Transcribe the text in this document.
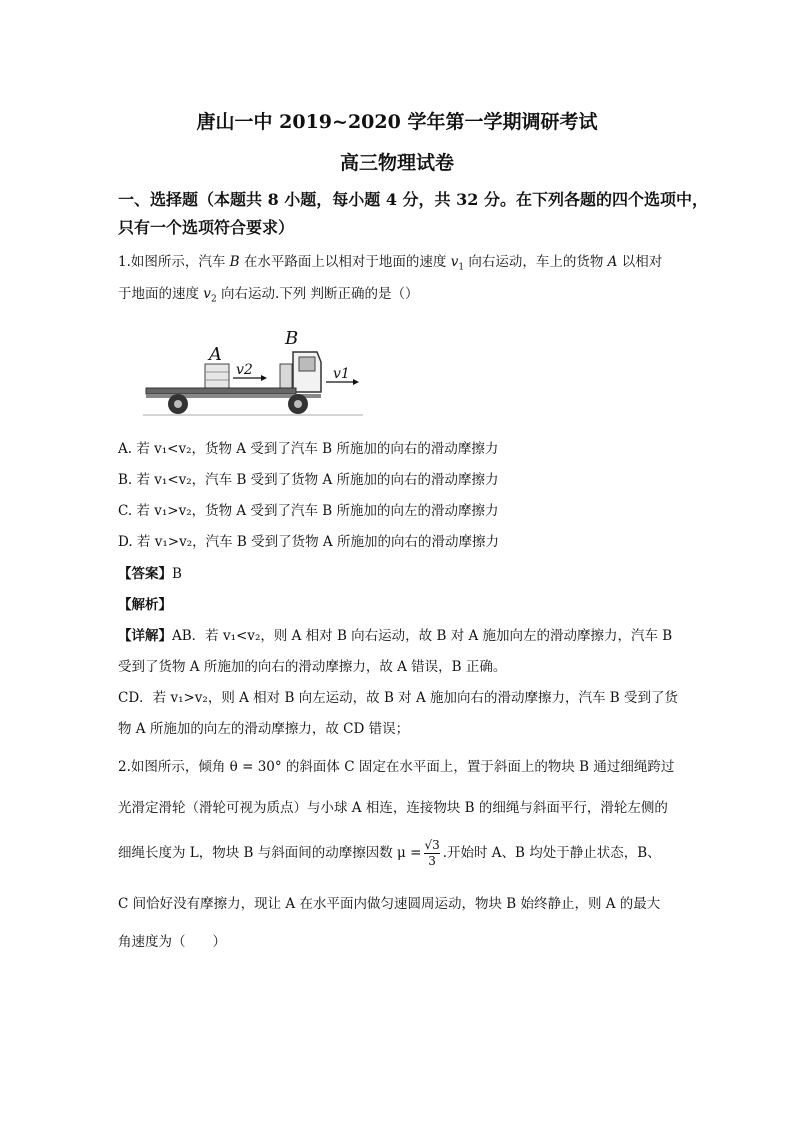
唐山一中 2019~2020 学年第一学期调研考试
高三物理试卷
一、选择题（本题共 8 小题，每小题 4 分，共 32 分。在下列各题的四个选项中，
只有一个选项符合要求）
1.如图所示，汽车 B 在水平路面上以相对于地面的速度 $v_1$ 向右运动，车上的货物 A 以相对
于地面的速度 $v_2$ 向右运动.下列 判断正确的是（）
A
v2
B
v1
A. 若 v₁<v₂，货物 A 受到了汽车 B 所施加的向右的滑动摩擦力
B. 若 v₁<v₂，汽车 B 受到了货物 A 所施加的向右的滑动摩擦力
C. 若 v₁>v₂，货物 A 受到了汽车 B 所施加的向左的滑动摩擦力
D. 若 v₁>v₂，汽车 B 受到了货物 A 所施加的向右的滑动摩擦力
【答案】B
【解析】
【详解】AB．若 v₁<v₂，则 A 相对 B 向右运动，故 B 对 A 施加向左的滑动摩擦力，汽车 B
受到了货物 A 所施加的向右的滑动摩擦力，故 A 错误，B 正确。
CD．若 v₁>v₂，则 A 相对 B 向左运动，故 B 对 A 施加向右的滑动摩擦力，汽车 B 受到了货
物 A 所施加的向左的滑动摩擦力，故 CD 错误；
2.如图所示，倾角 θ = 30° 的斜面体 C 固定在水平面上，置于斜面上的物块 B 通过细绳跨过
光滑定滑轮（滑轮可视为质点）与小球 A 相连，连接物块 B 的细绳与斜面平行，滑轮左侧的
细绳长度为 L，物块 B 与斜面间的动摩擦因数 $\mu = \frac{√3}{3}$ .开始时 A、B 均处于静止状态，B、
C 间恰好没有摩擦力，现让 A 在水平面内做匀速圆周运动，物块 B 始终静止，则 A 的最大
角速度为（　　）
